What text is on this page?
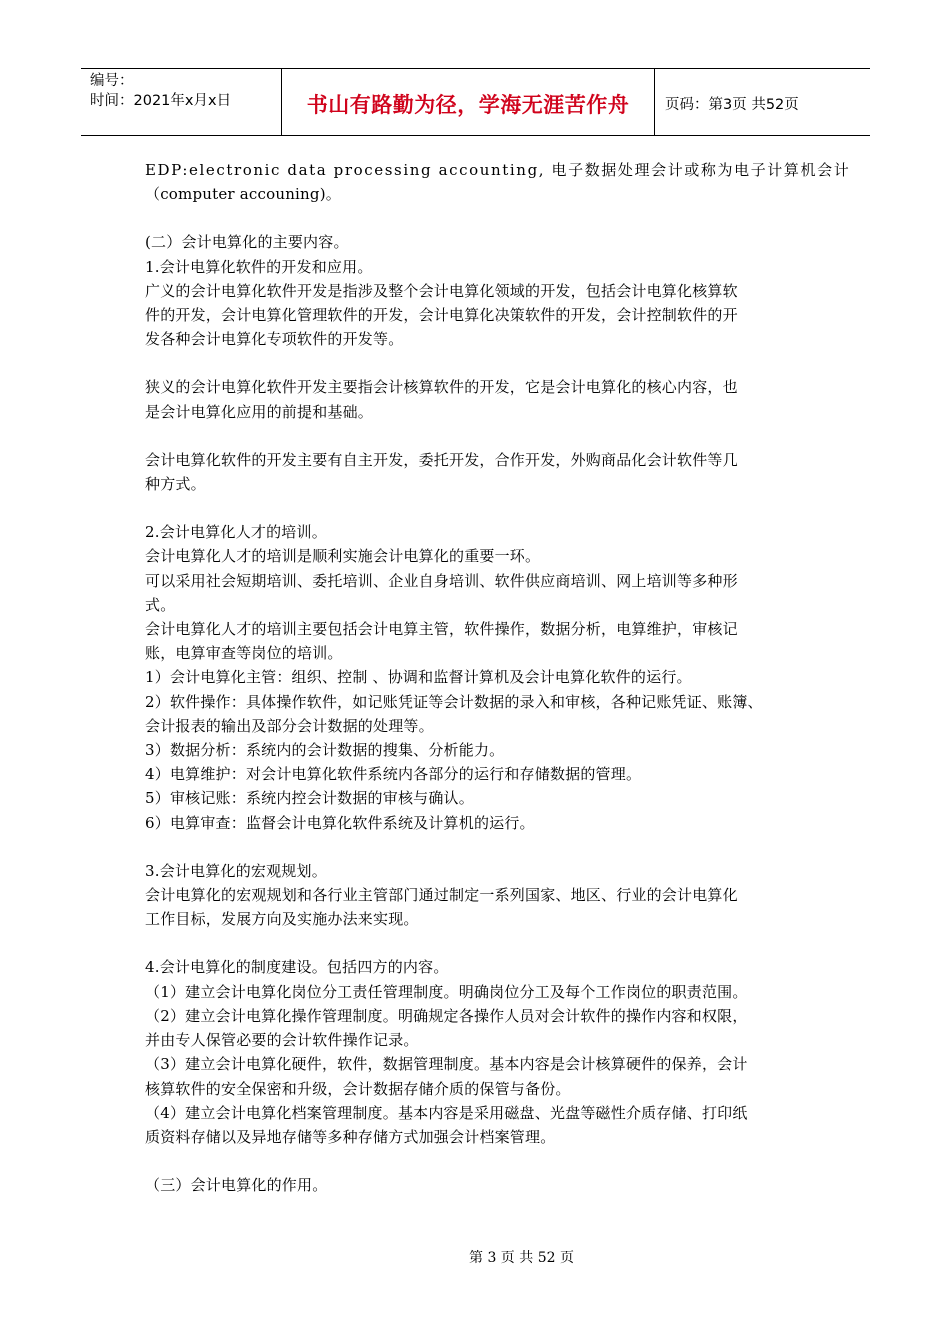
编号：
时间：2021年x月x日	书山有路勤为径，学海无涯苦作舟 页码：第3页 共52页

EDP:electronic data processing accounting, 电子数据处理会计或称为电子计算机会计

（computer accouning)。

(二）会计电算化的主要内容。

1.会计电算化软件的开发和应用。

广义的会计电算化软件开发是指涉及整个会计电算化领域的开发，包括会计电算化核算软

件的开发，会计电算化管理软件的开发，会计电算化决策软件的开发，会计控制软件的开

发各种会计电算化专项软件的开发等。

狭义的会计电算化软件开发主要指会计核算软件的开发，它是会计电算化的核心内容，也

是会计电算化应用的前提和基础。

会计电算化软件的开发主要有自主开发，委托开发，合作开发，外购商品化会计软件等几

种方式。

2.会计电算化人才的培训。

会计电算化人才的培训是顺利实施会计电算化的重要一环。

可以采用社会短期培训、委托培训、企业自身培训、软件供应商培训、网上培训等多种形

式。

会计电算化人才的培训主要包括会计电算主管，软件操作，数据分析，电算维护，审核记

账，电算审查等岗位的培训。

1）会计电算化主管：组织、控制 、协调和监督计算机及会计电算化软件的运行。

2）软件操作：具体操作软件，如记账凭证等会计数据的录入和审核，各种记账凭证、账簿、

会计报表的输出及部分会计数据的处理等。

3）数据分析：系统内的会计数据的搜集、分析能力。

4）电算维护：对会计电算化软件系统内各部分的运行和存储数据的管理。

5）审核记账：系统内控会计数据的审核与确认。

6）电算审查：监督会计电算化软件系统及计算机的运行。

3.会计电算化的宏观规划。

会计电算化的宏观规划和各行业主管部门通过制定一系列国家、地区、行业的会计电算化

工作目标，发展方向及实施办法来实现。

4.会计电算化的制度建设。包括四方的内容。

（1）建立会计电算化岗位分工责任管理制度。明确岗位分工及每个工作岗位的职责范围。

（2）建立会计电算化操作管理制度。明确规定各操作人员对会计软件的操作内容和权限，

并由专人保管必要的会计软件操作记录。

（3）建立会计电算化硬件，软件，数据管理制度。基本内容是会计核算硬件的保养，会计

核算软件的安全保密和升级，会计数据存储介质的保管与备份。

（4）建立会计电算化档案管理制度。基本内容是采用磁盘、光盘等磁性介质存储、打印纸

质资料存储以及异地存储等多种存储方式加强会计档案管理。

（三）会计电算化的作用。

第 3 页 共 52 页
